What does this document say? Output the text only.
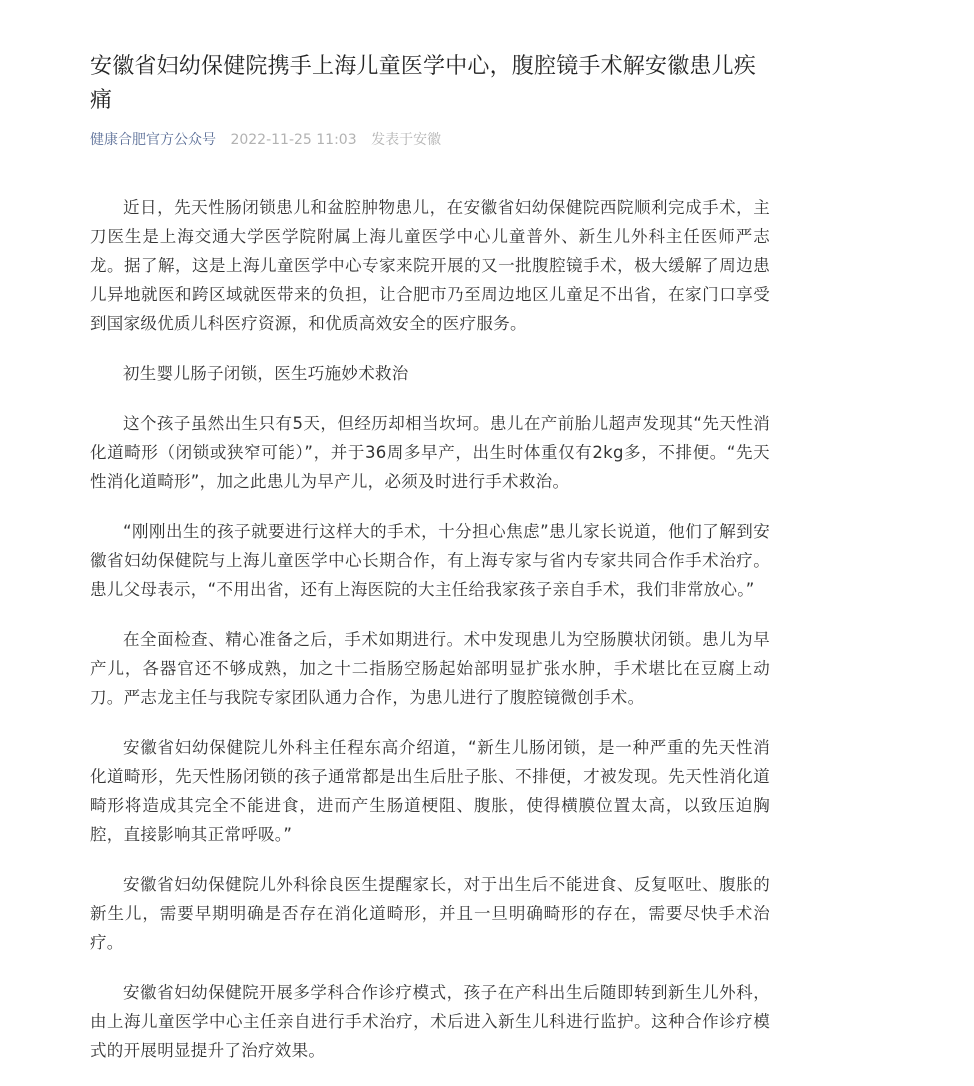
安徽省妇幼保健院携手上海儿童医学中心，腹腔镜手术解安徽患儿疾痛
健康合肥官方公众号 2022-11-25 11:03 发表于安徽

近日，先天性肠闭锁患儿和盆腔肿物患儿，在安徽省妇幼保健院西院顺利完成手术，主刀医生是上海交通大学医学院附属上海儿童医学中心儿童普外、新生儿外科主任医师严志龙。据了解，这是上海儿童医学中心专家来院开展的又一批腹腔镜手术，极大缓解了周边患儿异地就医和跨区域就医带来的负担，让合肥市乃至周边地区儿童足不出省，在家门口享受到国家级优质儿科医疗资源，和优质高效安全的医疗服务。

初生婴儿肠子闭锁，医生巧施妙术救治

这个孩子虽然出生只有5天，但经历却相当坎坷。患儿在产前胎儿超声发现其“先天性消化道畸形（闭锁或狭窄可能）”，并于36周多早产，出生时体重仅有2kg多，不排便。“先天性消化道畸形”，加之此患儿为早产儿，必须及时进行手术救治。

“刚刚出生的孩子就要进行这样大的手术，十分担心焦虑”患儿家长说道，他们了解到安徽省妇幼保健院与上海儿童医学中心长期合作，有上海专家与省内专家共同合作手术治疗。患儿父母表示，“不用出省，还有上海医院的大主任给我家孩子亲自手术，我们非常放心。”

在全面检查、精心准备之后，手术如期进行。术中发现患儿为空肠膜状闭锁。患儿为早产儿，各器官还不够成熟，加之十二指肠空肠起始部明显扩张水肿，手术堪比在豆腐上动刀。严志龙主任与我院专家团队通力合作，为患儿进行了腹腔镜微创手术。

安徽省妇幼保健院儿外科主任程东高介绍道，“新生儿肠闭锁，是一种严重的先天性消化道畸形，先天性肠闭锁的孩子通常都是出生后肚子胀、不排便，才被发现。先天性消化道畸形将造成其完全不能进食，进而产生肠道梗阻、腹胀，使得横膜位置太高，以致压迫胸腔，直接影响其正常呼吸。”

安徽省妇幼保健院儿外科徐良医生提醒家长，对于出生后不能进食、反复呕吐、腹胀的新生儿，需要早期明确是否存在消化道畸形，并且一旦明确畸形的存在，需要尽快手术治疗。

安徽省妇幼保健院开展多学科合作诊疗模式，孩子在产科出生后随即转到新生儿外科，由上海儿童医学中心主任亲自进行手术治疗，术后进入新生儿科进行监护。这种合作诊疗模式的开展明显提升了治疗效果。
